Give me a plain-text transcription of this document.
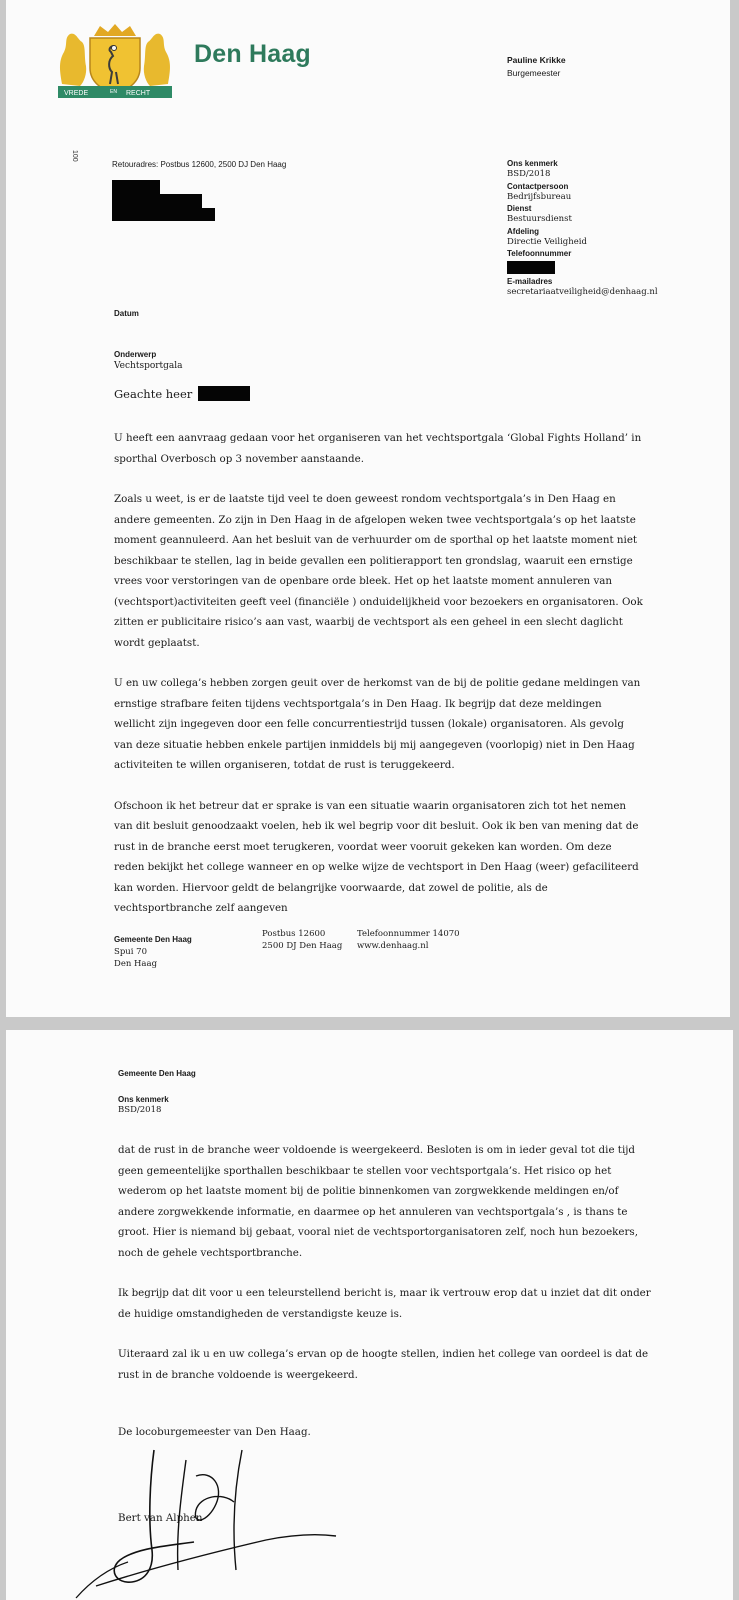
VREDE	EN RECHT
Den Haag	Pauline Krikke
Burgemeester
100
Retouradres: Postbus 12600, 2500 DJ Den Haag	Ons kenmerk
BSD/2018
Contactpersoon
Bedrijfsbureau
Dienst
Bestuursdienst
Afdeling
Directie Veiligheid
Telefoonnummer
E-mailadres
secretariaatveiligheid@denhaag.nl
Datum
Onderwerp
Vechtsportgala
Geachte heer

U heeft een aanvraag gedaan voor het organiseren van het vechtsportgala ‘Global Fights Holland’ in sporthal Overbosch op 3 november aanstaande.

Zoals u weet, is er de laatste tijd veel te doen geweest rondom vechtsportgala’s in Den Haag en andere gemeenten. Zo zijn in Den Haag in de afgelopen weken twee vechtsportgala’s op het laatste moment geannuleerd. Aan het besluit van de verhuurder om de sporthal op het laatste moment niet beschikbaar te stellen, lag in beide gevallen een politierapport ten grondslag, waaruit een ernstige vrees voor verstoringen van de openbare orde bleek. Het op het laatste moment annuleren van (vechtsport)activiteiten geeft veel (financiële ) onduidelijkheid voor bezoekers en organisatoren. Ook zitten er publicitaire risico’s aan vast, waarbij de vechtsport als een geheel in een slecht daglicht wordt geplaatst.

U en uw collega’s hebben zorgen geuit over de herkomst van de bij de politie gedane meldingen van ernstige strafbare feiten tijdens vechtsportgala’s in Den Haag. Ik begrijp dat deze meldingen wellicht zijn ingegeven door een felle concurrentiestrijd tussen (lokale) organisatoren. Als gevolg van deze situatie hebben enkele partijen inmiddels bij mij aangegeven (voorlopig) niet in Den Haag activiteiten te willen organiseren, totdat de rust is teruggekeerd.

Ofschoon ik het betreur dat er sprake is van een situatie waarin organisatoren zich tot het nemen van dit besluit genoodzaakt voelen, heb ik wel begrip voor dit besluit. Ook ik ben van mening dat de rust in de branche eerst moet terugkeren, voordat weer vooruit gekeken kan worden. Om deze reden bekijkt het college wanneer en op welke wijze de vechtsport in Den Haag (weer) gefaciliteerd kan worden. Hiervoor geldt de belangrijke voorwaarde, dat zowel de politie, als de vechtsportbranche zelf aangeven

Gemeente Den Haag
Spui 70
Den Haag
Postbus 12600
2500 DJ Den Haag
Telefoonnummer 14070
www.denhaag.nl
Gemeente Den Haag
Ons kenmerk
BSD/2018

dat de rust in de branche weer voldoende is weergekeerd. Besloten is om in ieder geval tot die tijd geen gemeentelijke sporthallen beschikbaar te stellen voor vechtsportgala’s. Het risico op het wederom op het laatste moment bij de politie binnenkomen van zorgwekkende meldingen en/of andere zorgwekkende informatie, en daarmee op het annuleren van vechtsportgala’s , is thans te groot. Hier is niemand bij gebaat, vooral niet de vechtsportorganisatoren zelf, noch hun bezoekers, noch de gehele vechtsportbranche.

Ik begrijp dat dit voor u een teleurstellend bericht is, maar ik vertrouw erop dat u inziet dat dit onder de huidige omstandigheden de verstandigste keuze is.

Uiteraard zal ik u en uw collega’s ervan op de hoogte stellen, indien het college van oordeel is dat de rust in de branche voldoende is weergekeerd.

De locoburgemeester van Den Haag.
Bert van Alphen
